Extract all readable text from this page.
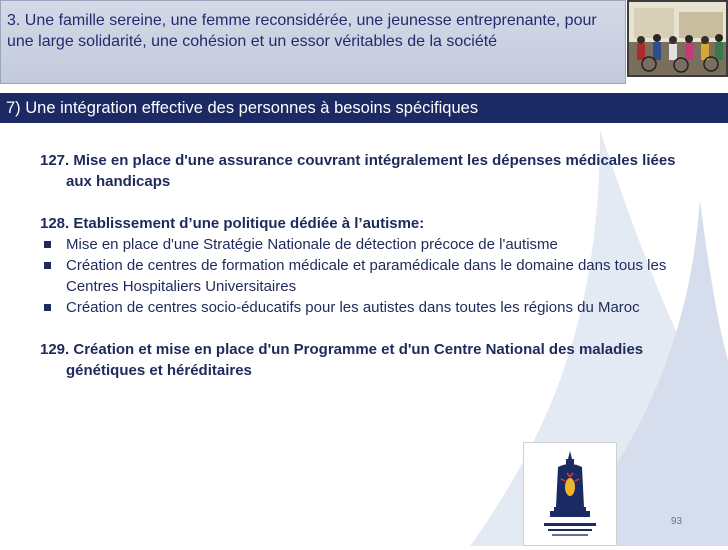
3. Une famille sereine, une femme reconsidérée, une jeunesse entreprenante, pour une large solidarité, une cohésion et un essor véritables de la société
7) Une intégration effective des personnes à besoins spécifiques
127. Mise en place d'une assurance couvrant intégralement les dépenses médicales liées aux handicaps
128. Etablissement d’une politique dédiée à l’autisme:
Mise en place d'une Stratégie Nationale de détection précoce de l'autisme
Création de centres de formation médicale et paramédicale dans le domaine dans tous les Centres Hospitaliers Universitaires
Création de centres socio-éducatifs pour les autistes dans toutes les régions du Maroc
129. Création et mise en place d'un Programme et d'un Centre National des maladies génétiques et héréditaires
93
